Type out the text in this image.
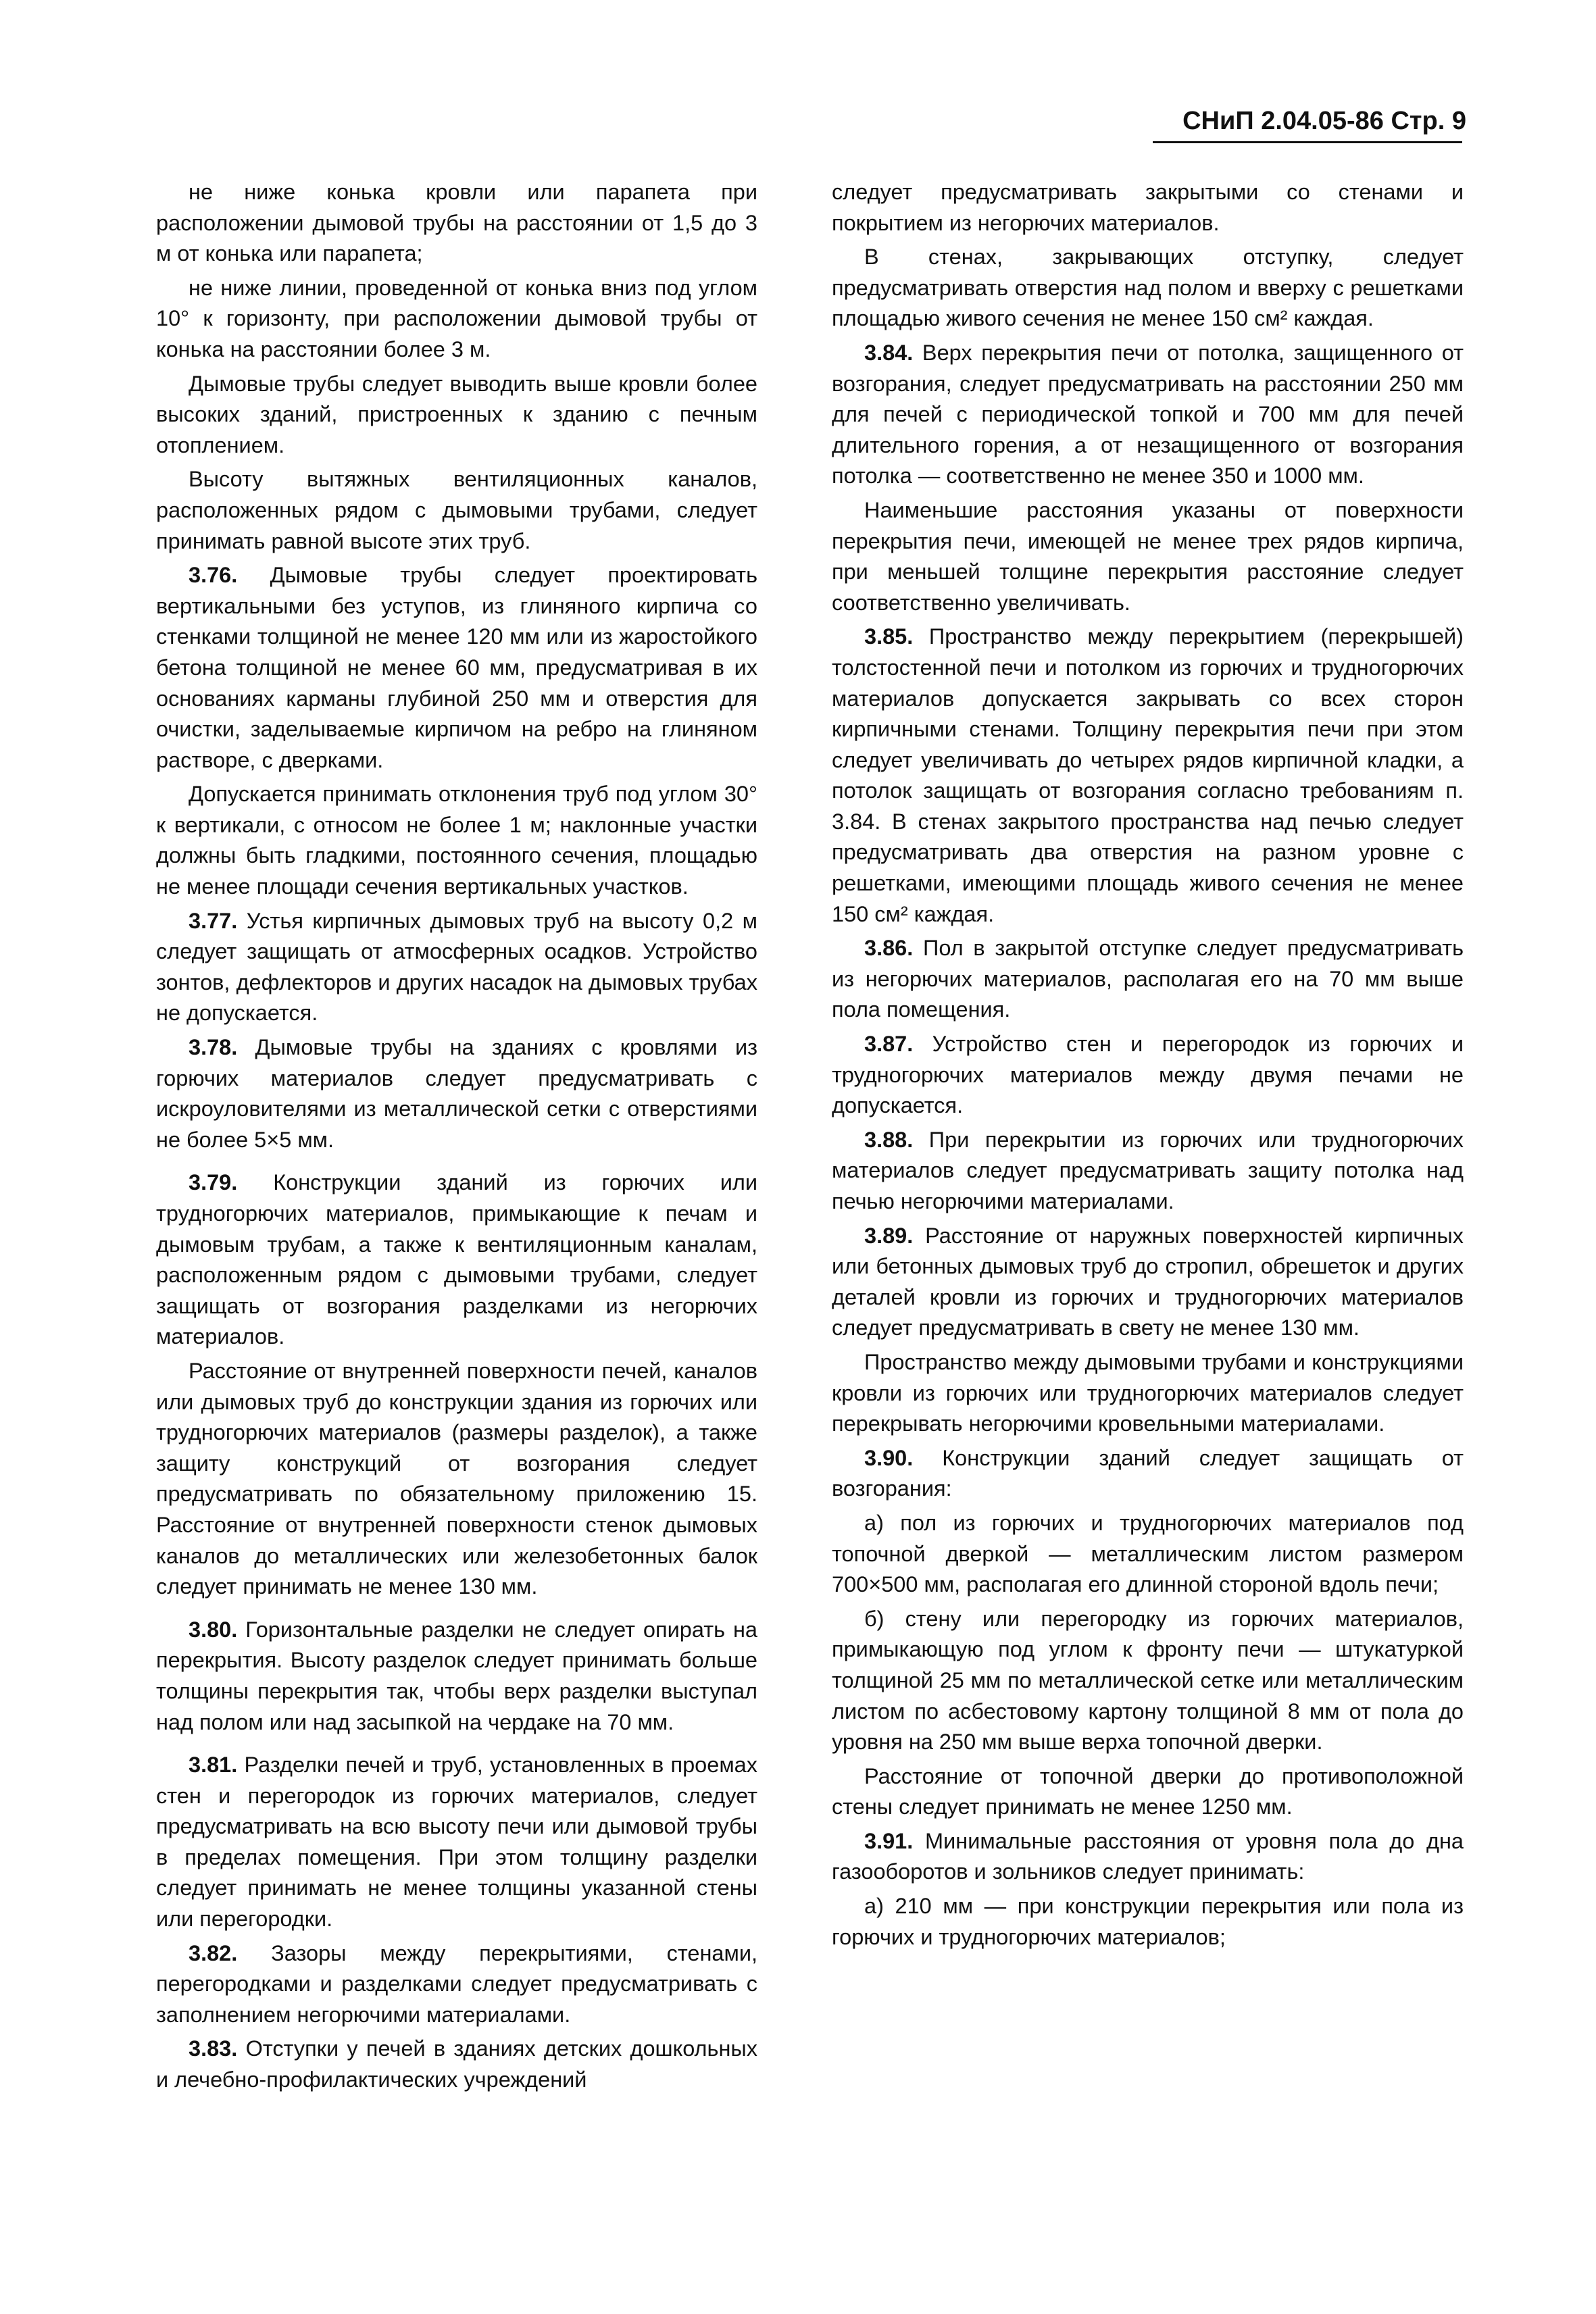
СНиП 2.04.05-86 Стр. 9

не ниже конька кровли или парапета при расположении дымовой трубы на расстоянии от 1,5 до 3 м от конька или парапета;

не ниже линии, проведенной от конька вниз под углом 10° к горизонту, при расположении дымовой трубы от конька на расстоянии более 3 м.

Дымовые трубы следует выводить выше кровли более высоких зданий, пристроенных к зданию с печным отоплением.

Высоту вытяжных вентиляционных каналов, расположенных рядом с дымовыми трубами, следует принимать равной высоте этих труб.

3.76. Дымовые трубы следует проектировать вертикальными без уступов, из глиняного кирпича со стенками толщиной не менее 120 мм или из жаростойкого бетона толщиной не менее 60 мм, предусматривая в их основаниях карманы глубиной 250 мм и отверстия для очистки, заделываемые кирпичом на ребро на глиняном растворе, с дверками.

Допускается принимать отклонения труб под углом 30° к вертикали, с относом не более 1 м; наклонные участки должны быть гладкими, постоянного сечения, площадью не менее площади сечения вертикальных участков.

3.77. Устья кирпичных дымовых труб на высоту 0,2 м следует защищать от атмосферных осадков. Устройство зонтов, дефлекторов и других насадок на дымовых трубах не допускается.

3.78. Дымовые трубы на зданиях с кровлями из горючих материалов следует предусматривать с искроуловителями из металлической сетки с отверстиями не более 5×5 мм.

3.79. Конструкции зданий из горючих или трудногорючих материалов, примыкающие к печам и дымовым трубам, а также к вентиляционным каналам, расположенным рядом с дымовыми трубами, следует защищать от возгорания разделками из негорючих материалов.

Расстояние от внутренней поверхности печей, каналов или дымовых труб до конструкции здания из горючих или трудногорючих материалов (размеры разделок), а также защиту конструкций от возгорания следует предусматривать по обязательному приложению 15. Расстояние от внутренней поверхности стенок дымовых каналов до металлических или железобетонных балок следует принимать не менее 130 мм.

3.80. Горизонтальные разделки не следует опирать на перекрытия. Высоту разделок следует принимать больше толщины перекрытия так, чтобы верх разделки выступал над полом или над засыпкой на чердаке на 70 мм.

3.81. Разделки печей и труб, установленных в проемах стен и перегородок из горючих материалов, следует предусматривать на всю высоту печи или дымовой трубы в пределах помещения. При этом толщину разделки следует принимать не менее толщины указанной стены или перегородки.

3.82. Зазоры между перекрытиями, стенами, перегородками и разделками следует предусматривать с заполнением негорючими материалами.

3.83. Отступки у печей в зданиях детских дошкольных и лечебно-профилактических учреждений

следует предусматривать закрытыми со стенами и покрытием из негорючих материалов.

В стенах, закрывающих отступку, следует предусматривать отверстия над полом и вверху с решетками площадью живого сечения не менее 150 см² каждая.

3.84. Верх перекрытия печи от потолка, защищенного от возгорания, следует предусматривать на расстоянии 250 мм для печей с периодической топкой и 700 мм для печей длительного горения, а от незащищенного от возгорания потолка — соответственно не менее 350 и 1000 мм.

Наименьшие расстояния указаны от поверхности перекрытия печи, имеющей не менее трех рядов кирпича, при меньшей толщине перекрытия расстояние следует соответственно увеличивать.

3.85. Пространство между перекрытием (перекрышей) толстостенной печи и потолком из горючих и трудногорючих материалов допускается закрывать со всех сторон кирпичными стенами. Толщину перекрытия печи при этом следует увеличивать до четырех рядов кирпичной кладки, а потолок защищать от возгорания согласно требованиям п. 3.84. В стенах закрытого пространства над печью следует предусматривать два отверстия на разном уровне с решетками, имеющими площадь живого сечения не менее 150 см² каждая.

3.86. Пол в закрытой отступке следует предусматривать из негорючих материалов, располагая его на 70 мм выше пола помещения.

3.87. Устройство стен и перегородок из горючих и трудногорючих материалов между двумя печами не допускается.

3.88. При перекрытии из горючих или трудногорючих материалов следует предусматривать защиту потолка над печью негорючими материалами.

3.89. Расстояние от наружных поверхностей кирпичных или бетонных дымовых труб до стропил, обрешеток и других деталей кровли из горючих и трудногорючих материалов следует предусматривать в свету не менее 130 мм.

Пространство между дымовыми трубами и конструкциями кровли из горючих или трудногорючих материалов следует перекрывать негорючими кровельными материалами.

3.90. Конструкции зданий следует защищать от возгорания:

а) пол из горючих и трудногорючих материалов под топочной дверкой — металлическим листом размером 700×500 мм, располагая его длинной стороной вдоль печи;

б) стену или перегородку из горючих материалов, примыкающую под углом к фронту печи — штукатуркой толщиной 25 мм по металлической сетке или металлическим листом по асбестовому картону толщиной 8 мм от пола до уровня на 250 мм выше верха топочной дверки.

Расстояние от топочной дверки до противоположной стены следует принимать не менее 1250 мм.

3.91. Минимальные расстояния от уровня пола до дна газооборотов и зольников следует принимать:

а) 210 мм — при конструкции перекрытия или пола из горючих и трудногорючих материалов;
